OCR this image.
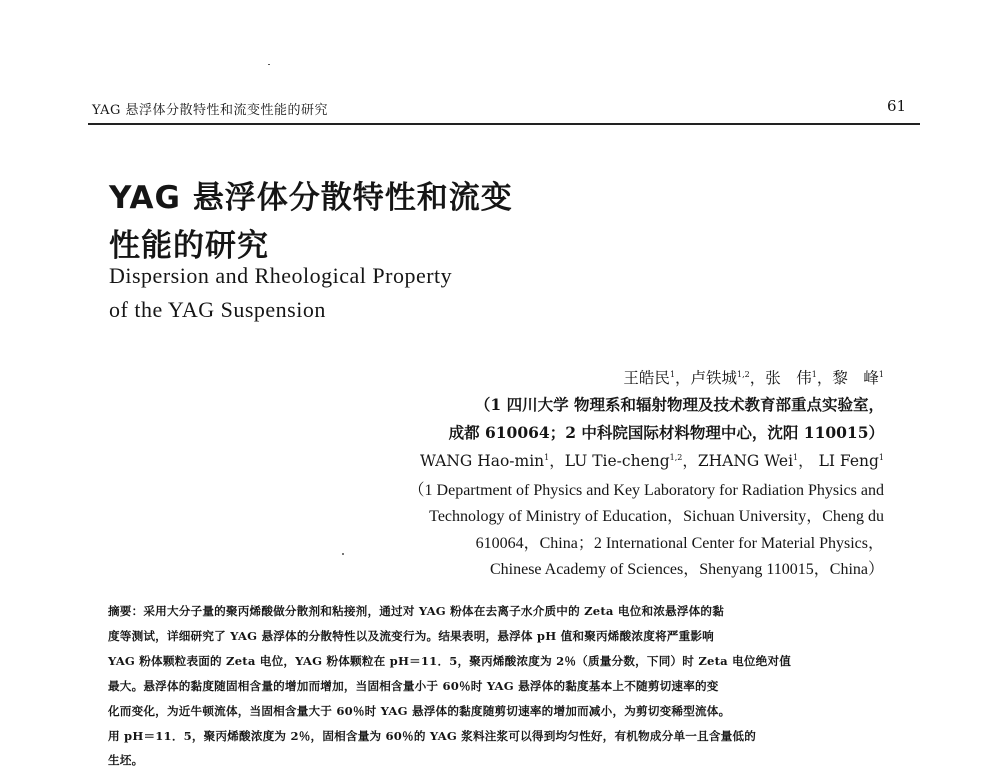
YAG 悬浮体分散特性和流变性能的研究	61
YAG 悬浮体分散特性和流变
性能的研究
Dispersion and Rheological Property
of the YAG Suspension
王皓民$^1$，卢铁城$^{1,2}$，张　伟$^1$，黎　峰$^1$
（1 四川大学 物理系和辐射物理及技术教育部重点实验室，
成都 610064；2 中科院国际材料物理中心，沈阳 110015）
WANG Hao-$\min^1$，LU Tie-cheng$^{1,2}$，ZHANG Wei$^1$， LI Feng$^1$
（1 Department of Physics and Key Laboratory for Radiation Physics and
Technology of Ministry of Education，Sichuan University，Cheng du
610064，China；2 International Center for Material Physics，
Chinese Academy of Sciences，Shenyang 110015，China）
摘要：采用大分子量的聚丙烯酸做分散剂和粘接剂，通过对 YAG 粉体在去离子水介质中的 Zeta 电位和浓悬浮体的黏
度等测试，详细研究了 YAG 悬浮体的分散特性以及流变行为。结果表明，悬浮体 pH 值和聚丙烯酸浓度将严重影响
YAG 粉体颗粒表面的 Zeta 电位，YAG 粉体颗粒在 pH＝11．5，聚丙烯酸浓度为 2％（质量分数，下同）时 Zeta 电位绝对值
最大。悬浮体的黏度随固相含量的增加而增加，当固相含量小于 60％时 YAG 悬浮体的黏度基本上不随剪切速率的变
化而变化，为近牛顿流体，当固相含量大于 60％时 YAG 悬浮体的黏度随剪切速率的增加而减小，为剪切变稀型流体。
用 pH＝11．5，聚丙烯酸浓度为 2％，固相含量为 60％的 YAG 浆料注浆可以得到均匀性好，有机物成分单一且含量低的
生坯。
